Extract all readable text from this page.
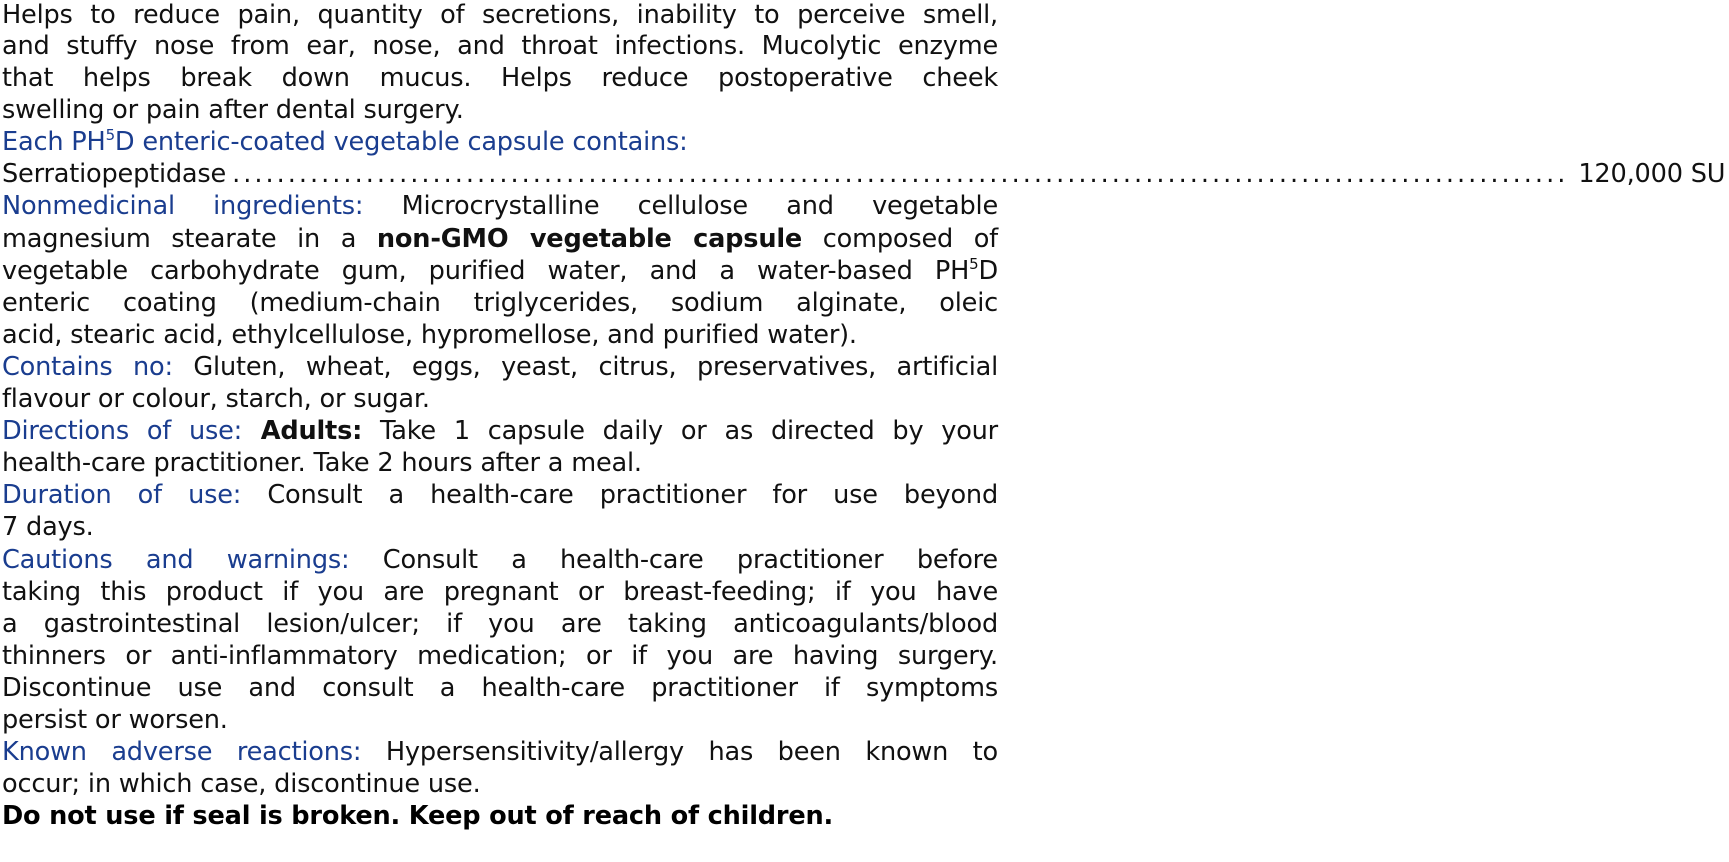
Helps to reduce pain, quantity of secretions, inability to perceive smell,
and stuffy nose from ear, nose, and throat infections. Mucolytic enzyme
that helps break down mucus. Helps reduce postoperative cheek
swelling or pain after dental surgery.
Each $PH^5D$ enteric-coated vegetable capsule contains:
Serratiopeptidase ........................................................................................................................ 120,000 SU
Nonmedicinal ingredients: Microcrystalline cellulose and vegetable
magnesium stearate in a non-GMO vegetable capsule composed of
vegetable carbohydrate gum, purified water, and a water-based $PH^5D$
enteric coating (medium-chain triglycerides, sodium alginate, oleic
acid, stearic acid, ethylcellulose, hypromellose, and purified water).
Contains no: Gluten, wheat, eggs, yeast, citrus, preservatives, artificial
flavour or colour, starch, or sugar.
Directions of use: Adults: Take 1 capsule daily or as directed by your
health-care practitioner. Take 2 hours after a meal.
Duration of use: Consult a health-care practitioner for use beyond
7 days.
Cautions and warnings: Consult a health-care practitioner before
taking this product if you are pregnant or breast-feeding; if you have
a gastrointestinal lesion/ulcer; if you are taking anticoagulants/blood
thinners or anti-inflammatory medication; or if you are having surgery.
Discontinue use and consult a health-care practitioner if symptoms
persist or worsen.
Known adverse reactions: Hypersensitivity/allergy has been known to
occur; in which case, discontinue use.
Do not use if seal is broken. Keep out of reach of children.
